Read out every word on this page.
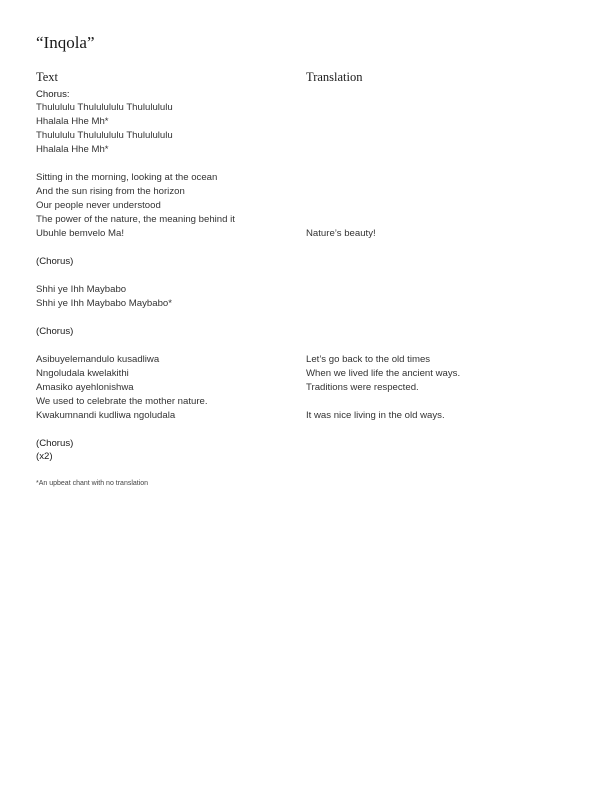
“Inqola”
Text	Translation
Chorus:
Thulululu Thululululu Thululululu
Hhalala Hhe Mh*
Thulululu Thululululu Thululululu
Hhalala Hhe Mh*
Sitting in the morning, looking at the ocean
And the sun rising from the horizon
Our people never understood
The power of the nature, the meaning behind it
Ubuhle bemvelo Ma!
(Chorus)
Shhi ye Ihh Maybabo
Shhi ye Ihh Maybabo Maybabo*
(Chorus)
Asibuyelemandulo kusadliwa
Nngoludala kwelakithi
Amasiko ayehlonishwa
We used to celebrate the mother nature.
Kwakumnandi kudliwa ngoludala
(Chorus)
(x2)
Nature’s beauty!
Let’s go back to the old times
When we lived life the ancient ways.
Traditions were respected.
It was nice living in the old ways.
*An upbeat chant with no translation
